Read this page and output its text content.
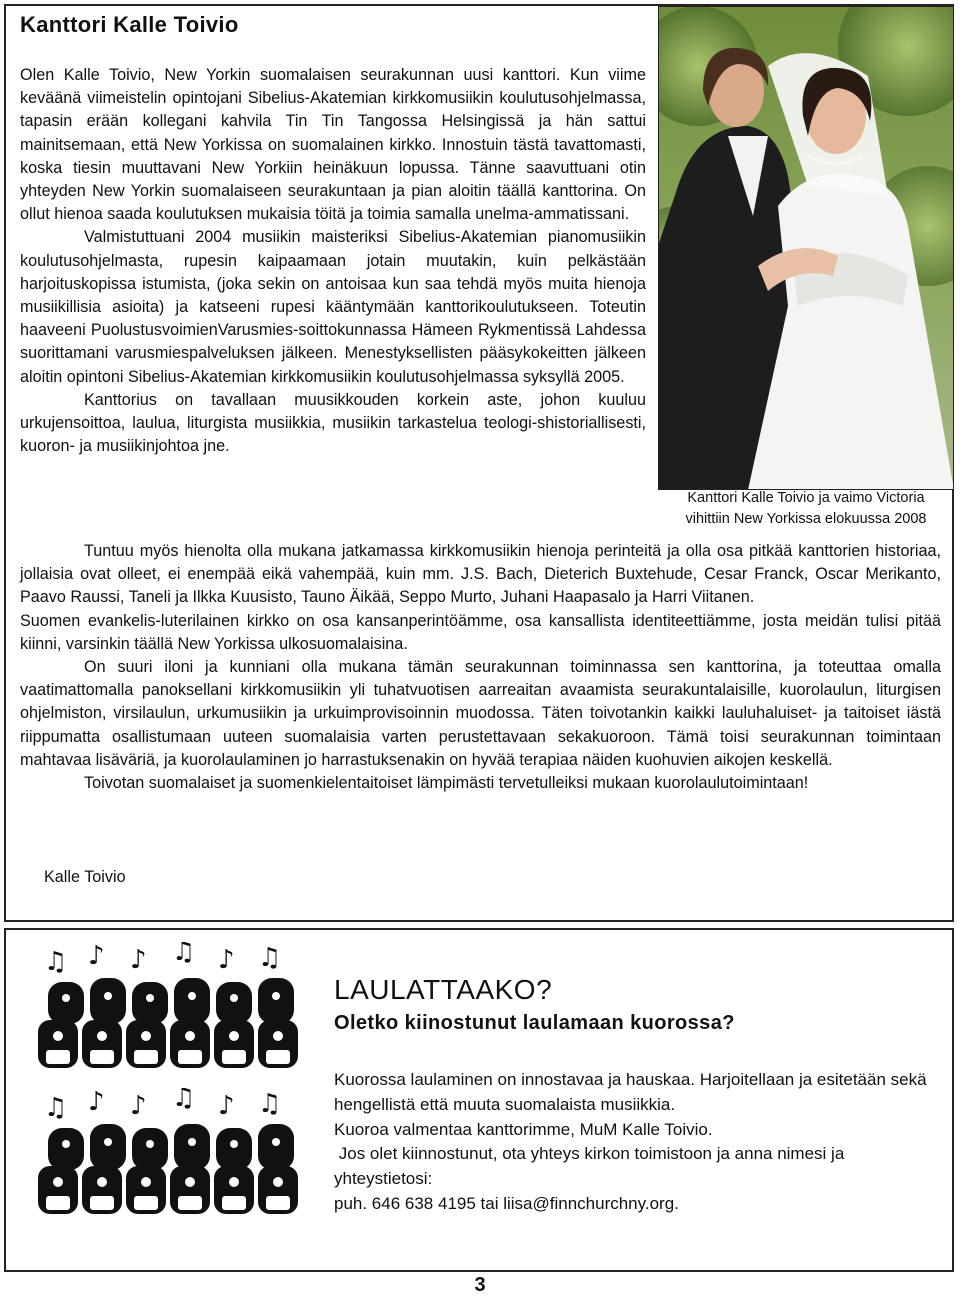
Kanttori Kalle Toivio

Olen Kalle Toivio, New Yorkin suomalaisen seurakunnan uusi kanttori. Kun viime keväänä viimeistelin opintojani Sibelius-Akatemian kirkkomusiikin koulutusohjelmassa, tapasin erään kollegani kahvila Tin Tin Tangossa Helsingissä ja hän sattui mainitsemaan, että New Yorkissa on suomalainen kirkko. Innostuin tästä tavattomasti, koska tiesin muuttavani New Yorkiin heinäkuun lopussa. Tänne saavuttuani otin yhteyden New Yorkin suomalaiseen seurakuntaan ja pian aloitin täällä kanttorina. On ollut hienoa saada koulutuksen mukaisia töitä ja toimia samalla unelma-ammatissani.

Valmistuttuani 2004 musiikin maisteriksi Sibelius-Akatemian pianomusiikin koulutusohjelmasta, rupesin kaipaamaan jotain muutakin, kuin pelkästään harjoituskopissa istumista, (joka sekin on antoisaa kun saa tehdä myös muita hienoja musiikillisia asioita) ja katseeni rupesi kääntymään kanttorikoulutukseen. Toteutin haaveeni PuolustusvoimienVarusmies-soittokunnassa Hämeen Rykmentissä Lahdessa suorittamani varusmiespalveluksen jälkeen. Menestyksellisten pääsykokeitten jälkeen aloitin opintoni Sibelius-Akatemian kirkkomusiikin koulutusohjelmassa syksyllä 2005.

Kanttorius on tavallaan muusikkouden korkein aste, johon kuuluu urkujensoittoa, laulua, liturgista musiikkia, musiikin tarkastelua teologi-shistoriallisesti, kuoron- ja musiikinjohtoa jne.

Kanttori Kalle Toivio ja vaimo Victoria
vihittiin New Yorkissa elokuussa 2008

Tuntuu myös hienolta olla mukana jatkamassa kirkkomusiikin hienoja perinteitä ja olla osa pitkää kanttorien historiaa, jollaisia ovat olleet, ei enempää eikä vahempää, kuin mm. J.S. Bach, Dieterich Buxtehude, Cesar Franck, Oscar Merikanto, Paavo Raussi, Taneli ja Ilkka Kuusisto, Tauno Äikää, Seppo Murto, Juhani Haapasalo ja Harri Viitanen.

Suomen evankelis-luterilainen kirkko on osa kansanperintöämme, osa kansallista identiteettiämme, josta meidän tulisi pitää kiinni, varsinkin täällä New Yorkissa ulkosuomalaisina.

On suuri iloni ja kunniani olla mukana tämän seurakunnan toiminnassa sen kanttorina, ja toteuttaa omalla vaatimattomalla panoksellani kirkkomusiikin yli tuhatvuotisen aarreaitan avaamista seurakuntalaisille, kuorolaulun, liturgisen ohjelmiston, virsilaulun, urkumusiikin ja urkuimprovisoinnin muodossa. Täten toivotankin kaikki lauluhaluiset- ja taitoiset iästä riippumatta osallistumaan uuteen suomalaisia varten perustettavaan sekakuoroon. Tämä toisi seurakunnan toimintaan mahtavaa lisäväriä, ja kuorolaulaminen jo harrastuksenakin on hyvää terapiaa näiden kuohuvien aikojen keskellä.

Toivotan suomalaiset ja suomenkielentaitoiset lämpimästi tervetulleiksi mukaan kuorolaulutoimintaan!

Kalle Toivio
♫ ♪ ♪ ♫ ♪ ♫
♫ ♪ ♪ ♫ ♪ ♫
LAULATTAAKO?
Oletko kiinostunut laulamaan kuorossa?

Kuorossa laulaminen on innostavaa ja hauskaa. Harjoitellaan ja esitetään sekä hengellistä että muuta suomalaista musiikkia.

Kuoroa valmentaa kanttorimme, MuM Kalle Toivio.

Jos olet kiinnostunut, ota yhteys kirkon toimistoon ja anna nimesi ja yhteystietosi:

puh. 646 638 4195 tai liisa@finnchurchny.org.

3
